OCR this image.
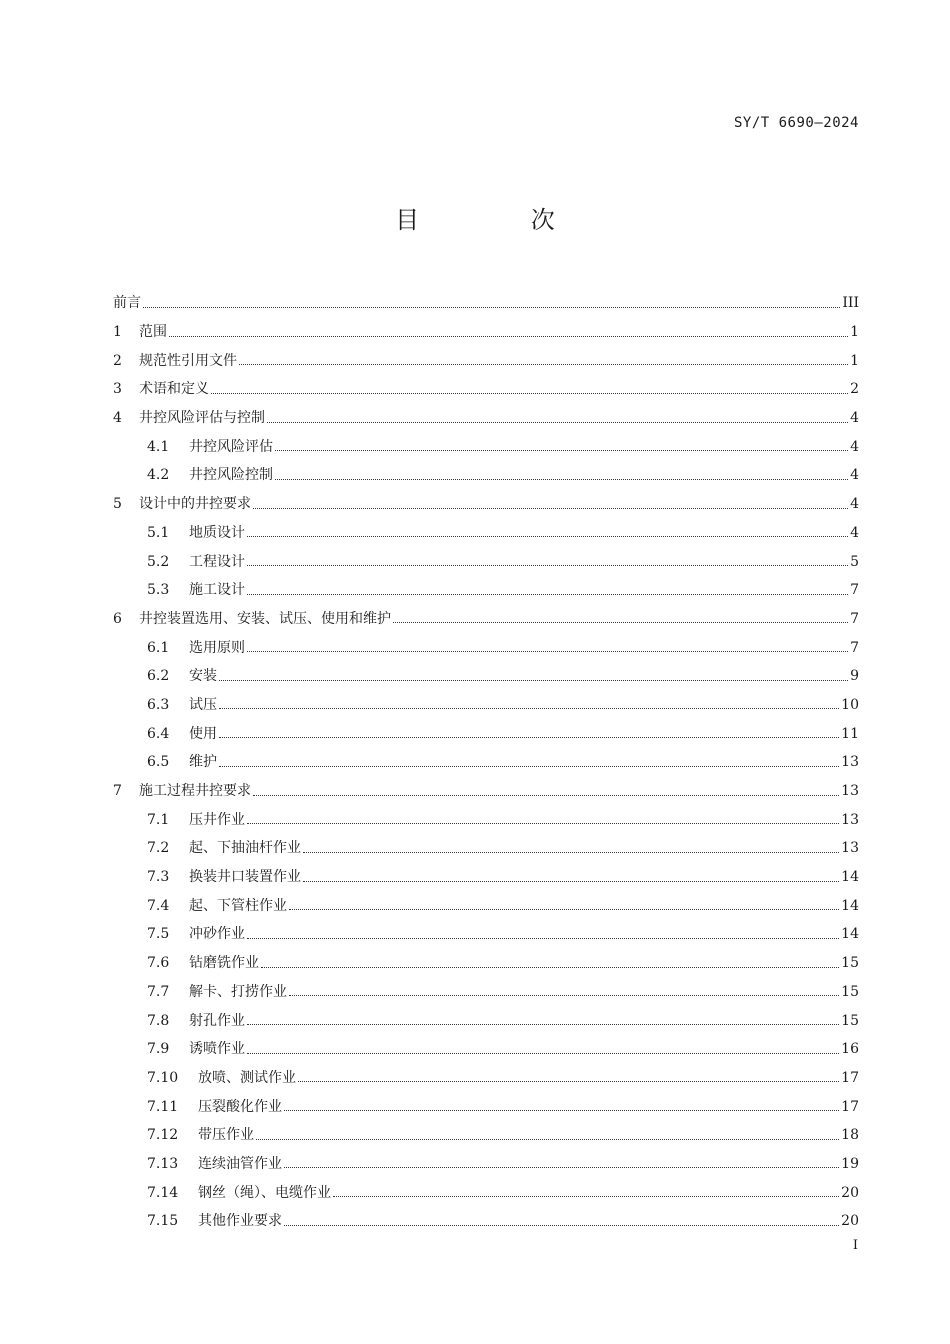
SY/T 6690—2024
目 次
前言	III
1	范围	1
2	规范性引用文件	1
3	术语和定义	2
4	井控风险评估与控制	4
4.1	井控风险评估	4
4.2	井控风险控制	4
5	设计中的井控要求	4
5.1	地质设计	4
5.2	工程设计	5
5.3	施工设计	7
6	井控装置选用、安装、试压、使用和维护	7
6.1	选用原则	7
6.2	安装	9
6.3	试压	10
6.4	使用	11
6.5	维护	13
7	施工过程井控要求	13
7.1	压井作业	13
7.2	起、下抽油杆作业	13
7.3	换装井口装置作业	14
7.4	起、下管柱作业	14
7.5	冲砂作业	14
7.6	钻磨铣作业	15
7.7	解卡、打捞作业	15
7.8	射孔作业	15
7.9	诱喷作业	16
7.10	放喷、测试作业	17
7.11	压裂酸化作业	17
7.12	带压作业	18
7.13	连续油管作业	19
7.14	钢丝（绳）、电缆作业	20
7.15	其他作业要求	20
I
